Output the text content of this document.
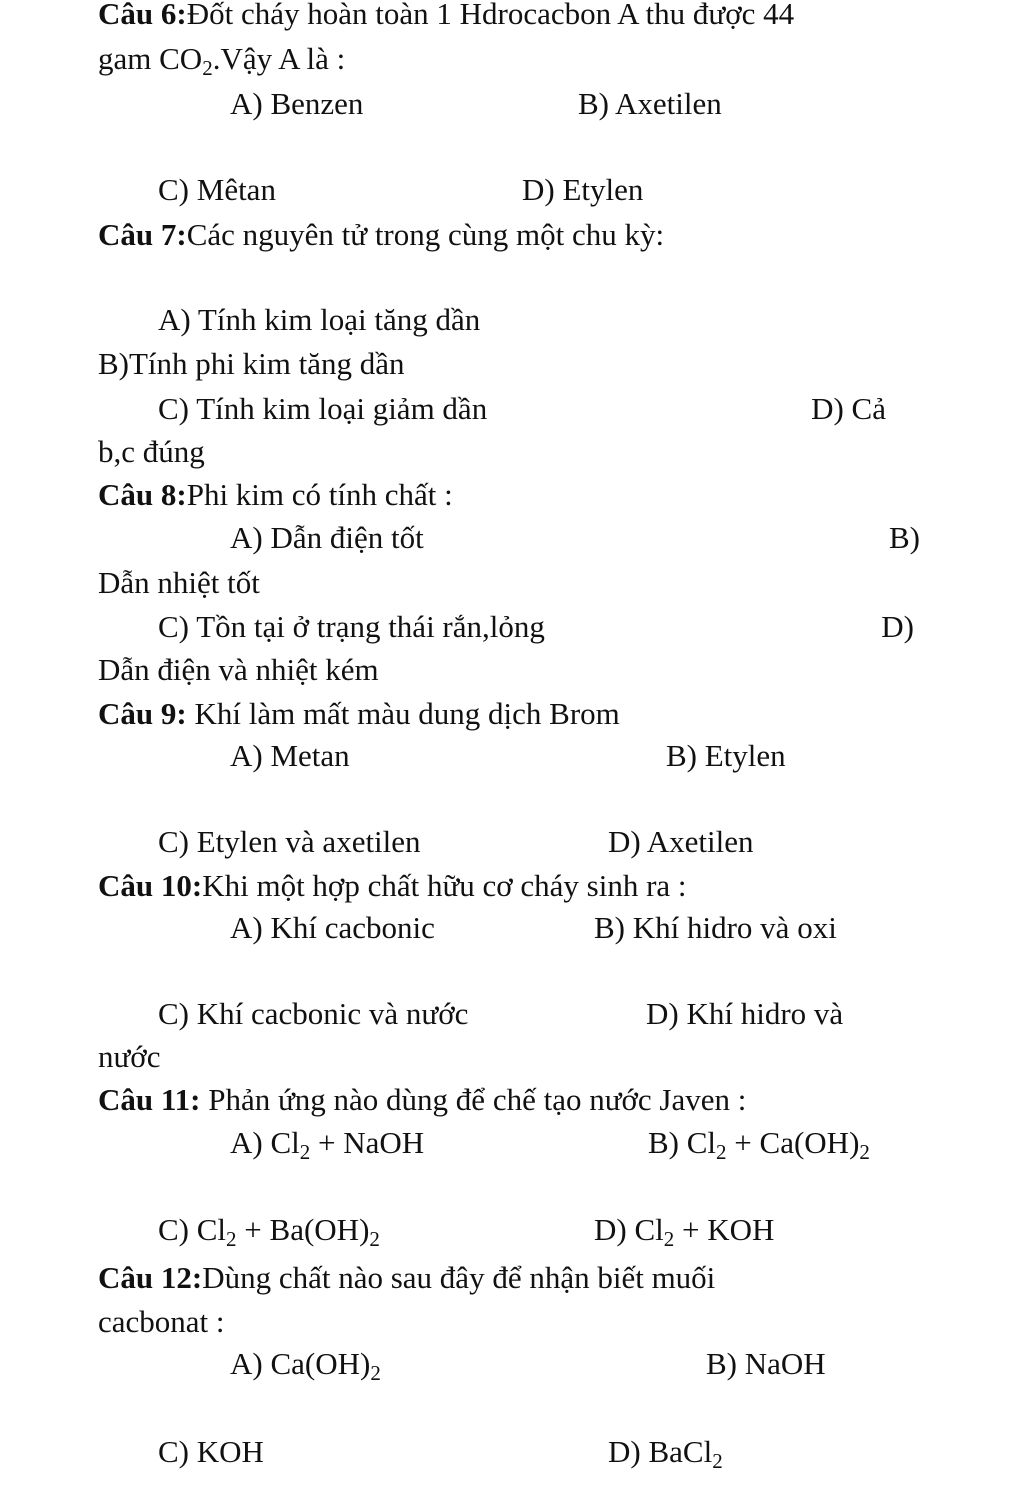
Câu 6:Đốt cháy hoàn toàn 1 Hdrocacbon A thu được 44
gam $CO_2.Vậy$ A là :
A) Benzen	B) Axetilen
C) Mêtan	D) Etylen
Câu 7:Các nguyên tử trong cùng một chu kỳ:
A) Tính kim loại tăng dần
B)Tính phi kim tăng dần
C) Tính kim loại giảm dần	D) Cả
b,c đúng
Câu 8:Phi kim có tính chất :
A) Dẫn điện tốt	B)
Dẫn nhiệt tốt
C) Tồn tại ở trạng thái rắn,lỏng	D)
Dẫn điện và nhiệt kém
Câu 9: Khí làm mất màu dung dịch Brom
A) Metan	B) Etylen
C) Etylen và axetilen	D) Axetilen
Câu 10:Khi một hợp chất hữu cơ cháy sinh ra :
A) Khí cacbonic	B) Khí hidro và oxi
C) Khí cacbonic và nước	D) Khí hidro và
nước
Câu 11: Phản ứng nào dùng để chế tạo nước Javen :
A) $Cl_2$ + NaOH	B) $Cl_2 + Ca(OH)_2$
C) $Cl_2 + Ba(OH)_2$	D) $Cl_2$ + KOH
Câu 12:Dùng chất nào sau đây để nhận biết muối
cacbonat :
A) $Ca(OH)_2$	B) NaOH
C) KOH	D) BaCl$_2$
